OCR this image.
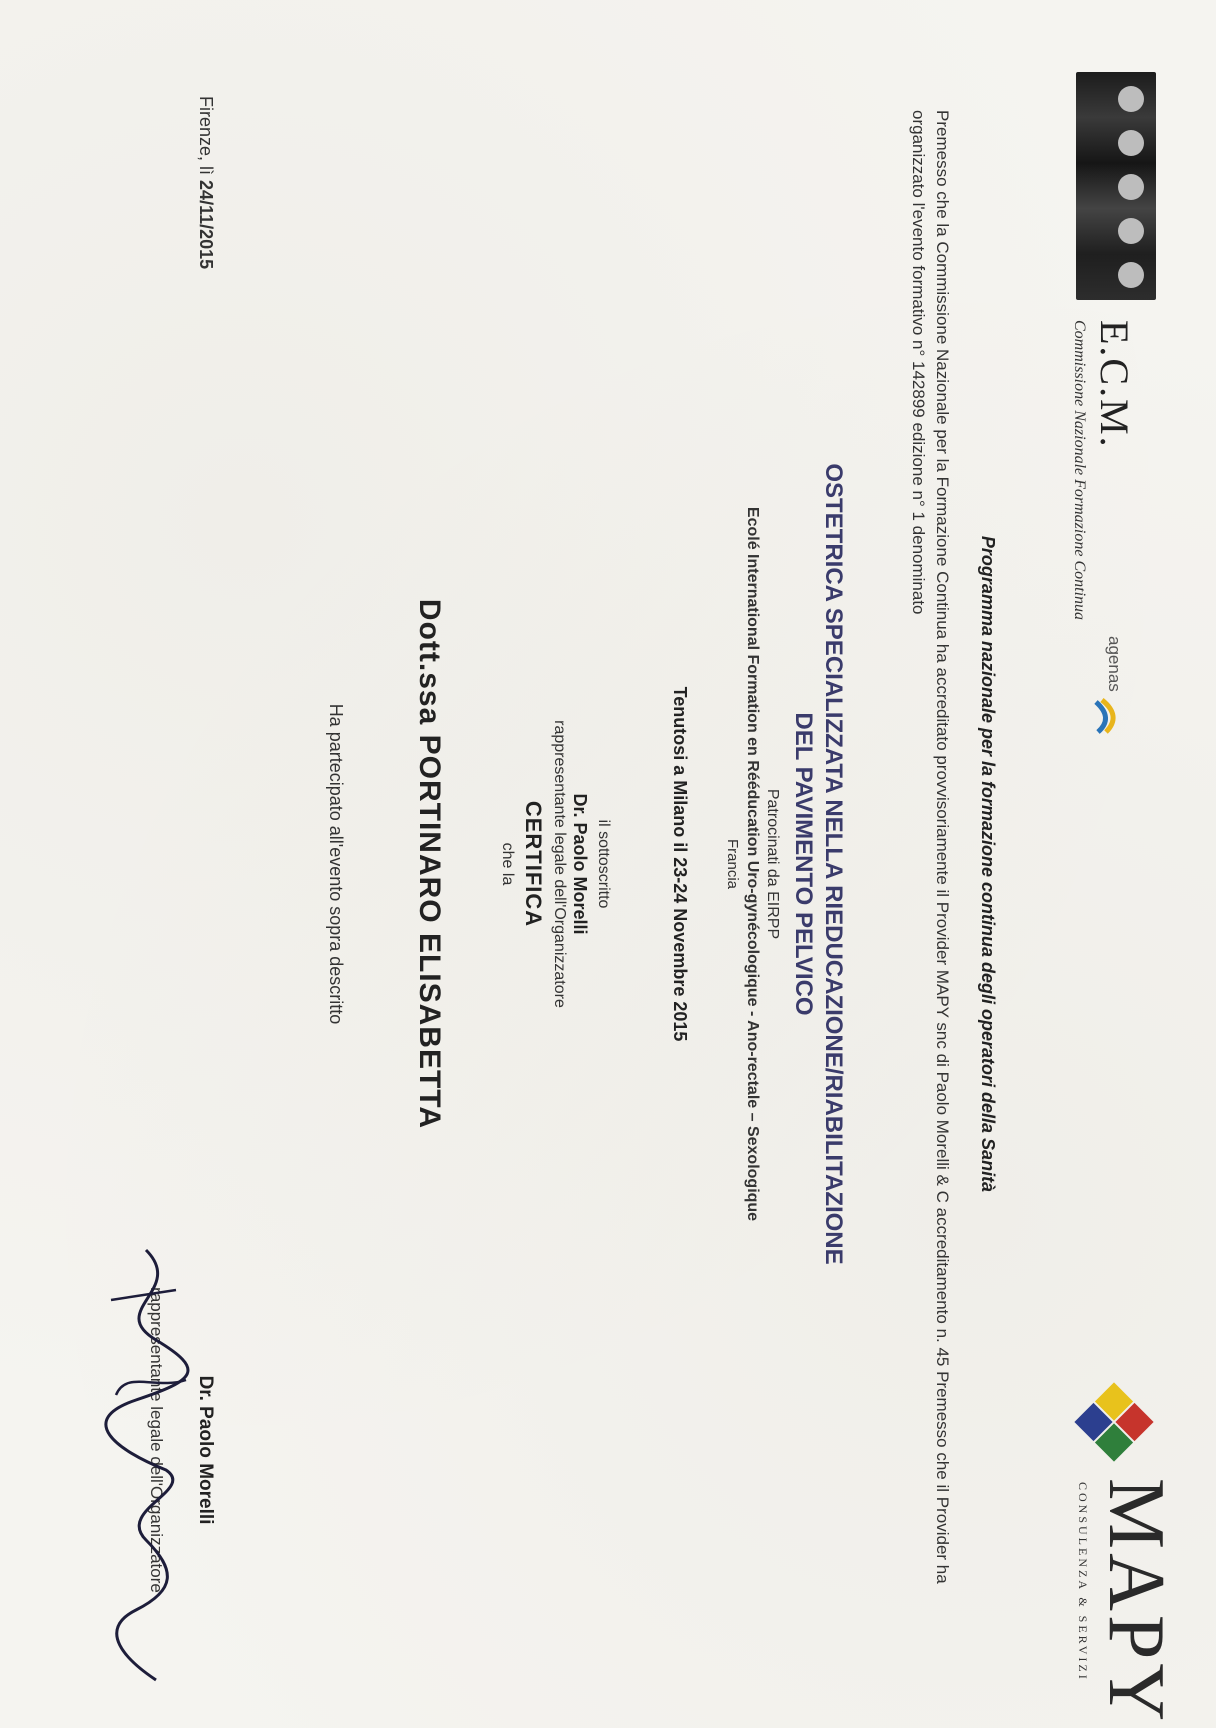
E.C.M.
Commissione Nazionale Formazione Continua
agenas
MAPY
CONSULENZA & SERVIZI
Programma nazionale per la formazione continua degli operatori della Sanità
Premesso che la Commissione Nazionale per la Formazione Continua ha accreditato provvisoriamente il Provider MAPY snc di Paolo Morelli & C accreditamento n. 45 Premesso che il Provider ha organizzato l'evento formativo n° 142899 edizione n° 1 denominato
OSTETRICA SPECIALIZZATA NELLA RIEDUCAZIONE/RIABILITAZIONE
DEL PAVIMENTO PELVICO
Patrocinati da EIRPP
Ecolé International Formation en Rééducation Uro-gynécologique - Ano-rectale – Sexologique
Francia
Tenutosi a Milano il 23-24 Novembre 2015
il sottoscritto
Dr. Paolo Morelli
rappresentante legale dell'Organizzatore
CERTIFICA
che la
Dott.ssa PORTINARO ELISABETTA
Ha partecipato all'evento sopra descritto
Firenze, lì 24/11/2015
Dr. Paolo Morelli
rappresentante legale dell'Organizzatore
